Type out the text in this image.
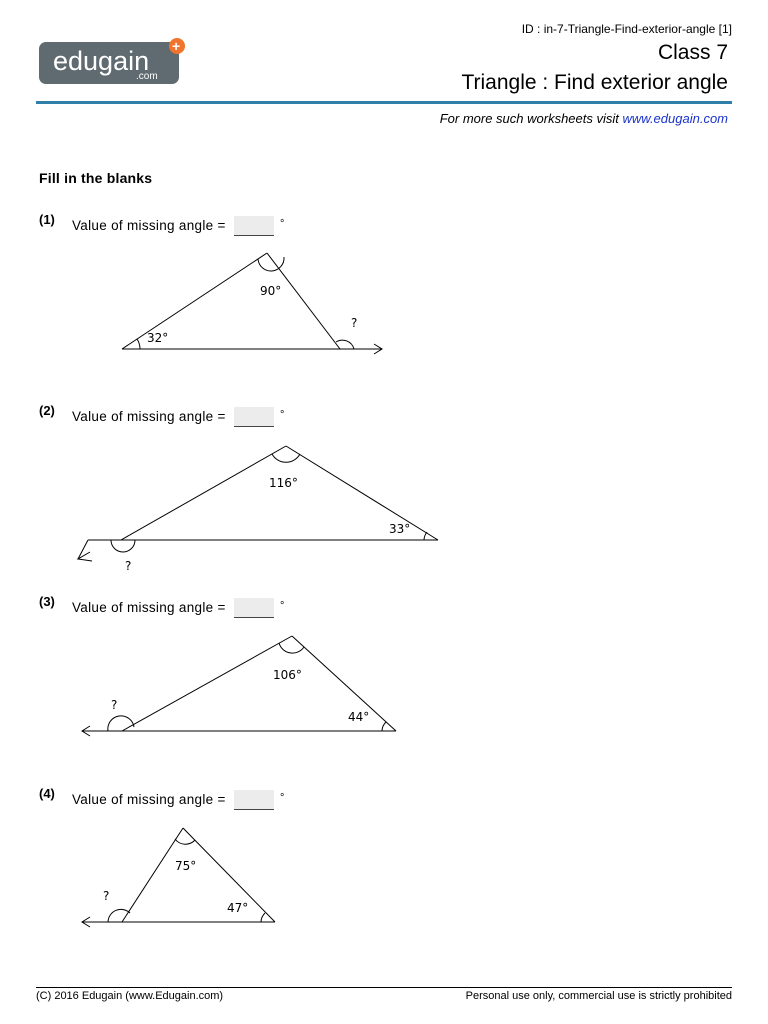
edugain
.com
+
ID : in-7-Triangle-Find-exterior-angle [1]
Class 7
Triangle : Find exterior angle
For more such worksheets visit www.edugain.com
Fill in the blanks
(1) Value of missing angle =	°
90°
32°
?
(2) Value of missing angle =	°
116°
33°
?
(3) Value of missing angle =	°
106°
44°
?
(4) Value of missing angle =	°
75°
47°
?
(C) 2016 Edugain (www.Edugain.com)	Personal use only, commercial use is strictly prohibited
